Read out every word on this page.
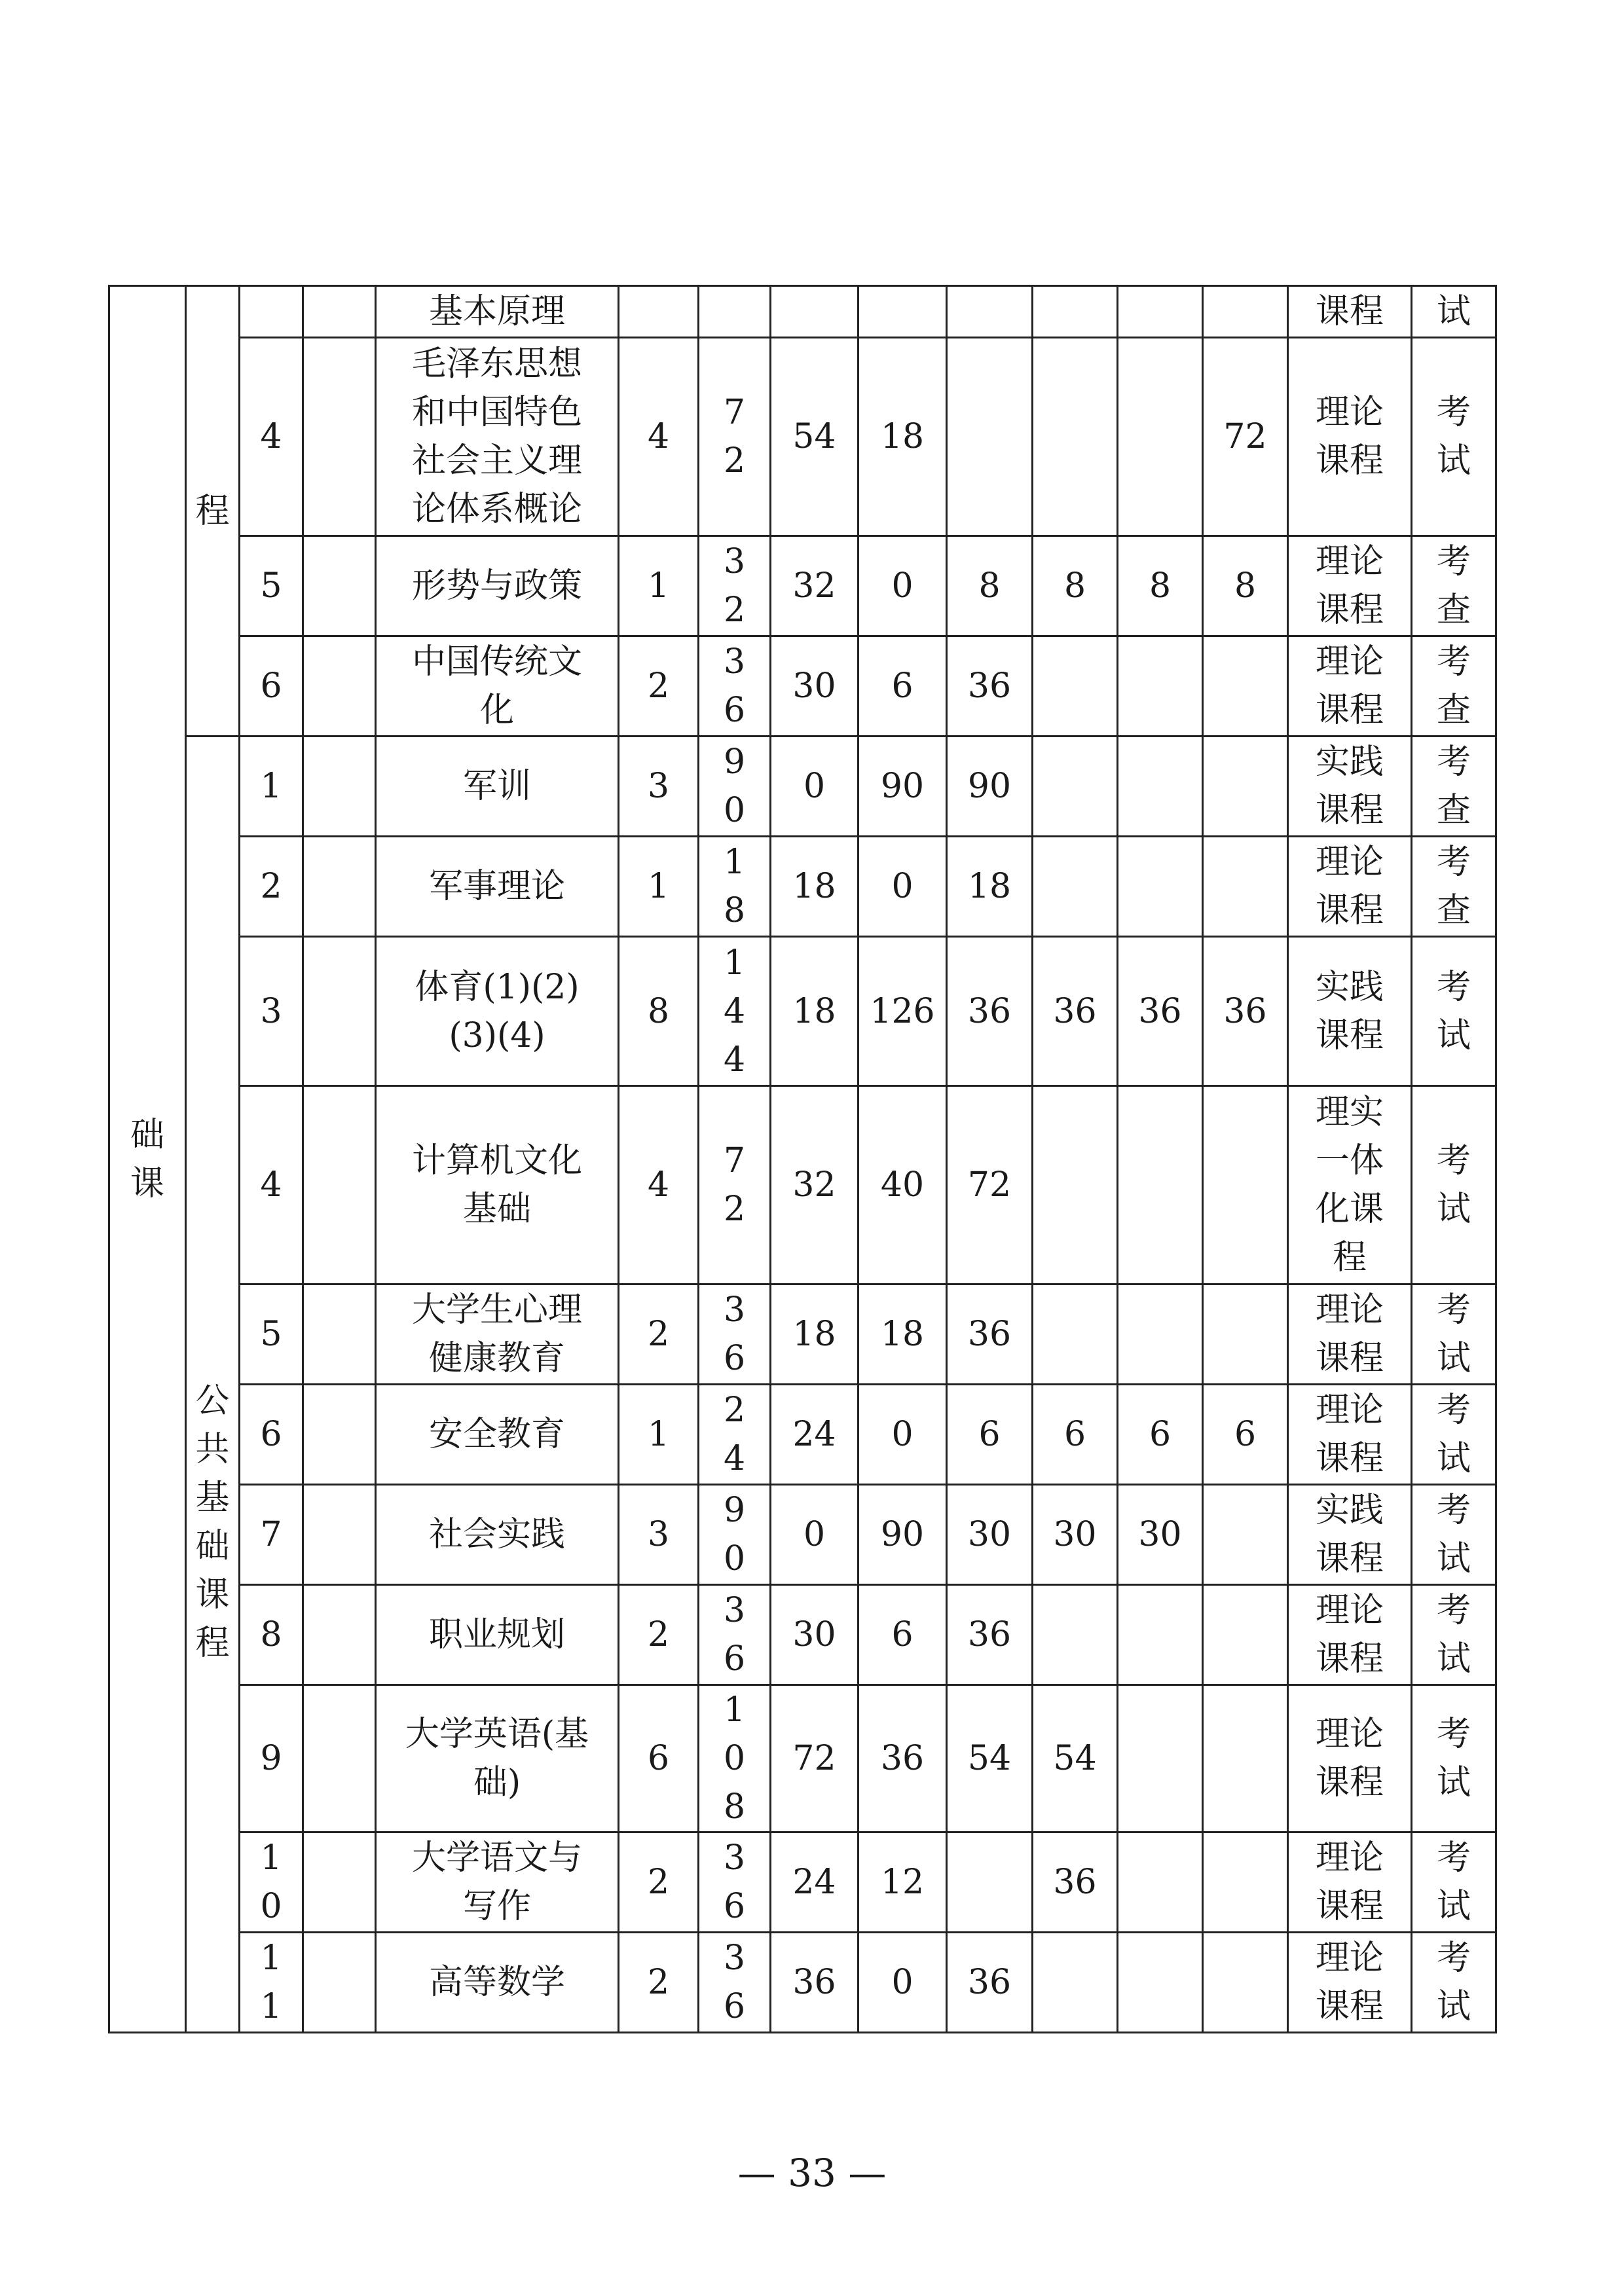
础课	程			基本原理									课程	试
		4		毛泽东思想和中国特色社会主义理论体系概论	4	72	54	18				72	理论课程	考试
		5		形势与政策	1	32	32	0	8	8	8	8	理论课程	考查
		6		中国传统文化	2	36	30	6	36				理论课程	考查

	公共基础课程	1		军训	3	90	0	90	90				实践课程	考查
		2		军事理论	1	18	18	0	18				理论课程	考查
		3		体育(1)(2)(3)(4)	8	144	18	126	36	36	36	36	实践课程	考试
		4		计算机文化基础	4	72	32	40	72				理实一体化课程	考试
		5		大学生心理健康教育	2	36	18	18	36				理论课程	考试
		6		安全教育	1	24	24	0	6	6	6	6	理论课程	考试
		7		社会实践	3	90	0	90	30	30	30		实践课程	考试
		8		职业规划	2	36	30	6	36				理论课程	考试
		9		大学英语(基础)	6	108	72	36	54	54			理论课程	考试
		10		大学语文与写作	2	36	24	12		36			理论课程	考试
		11		高等数学	2	36	36	0	36				理论课程	考试
— 33 —
